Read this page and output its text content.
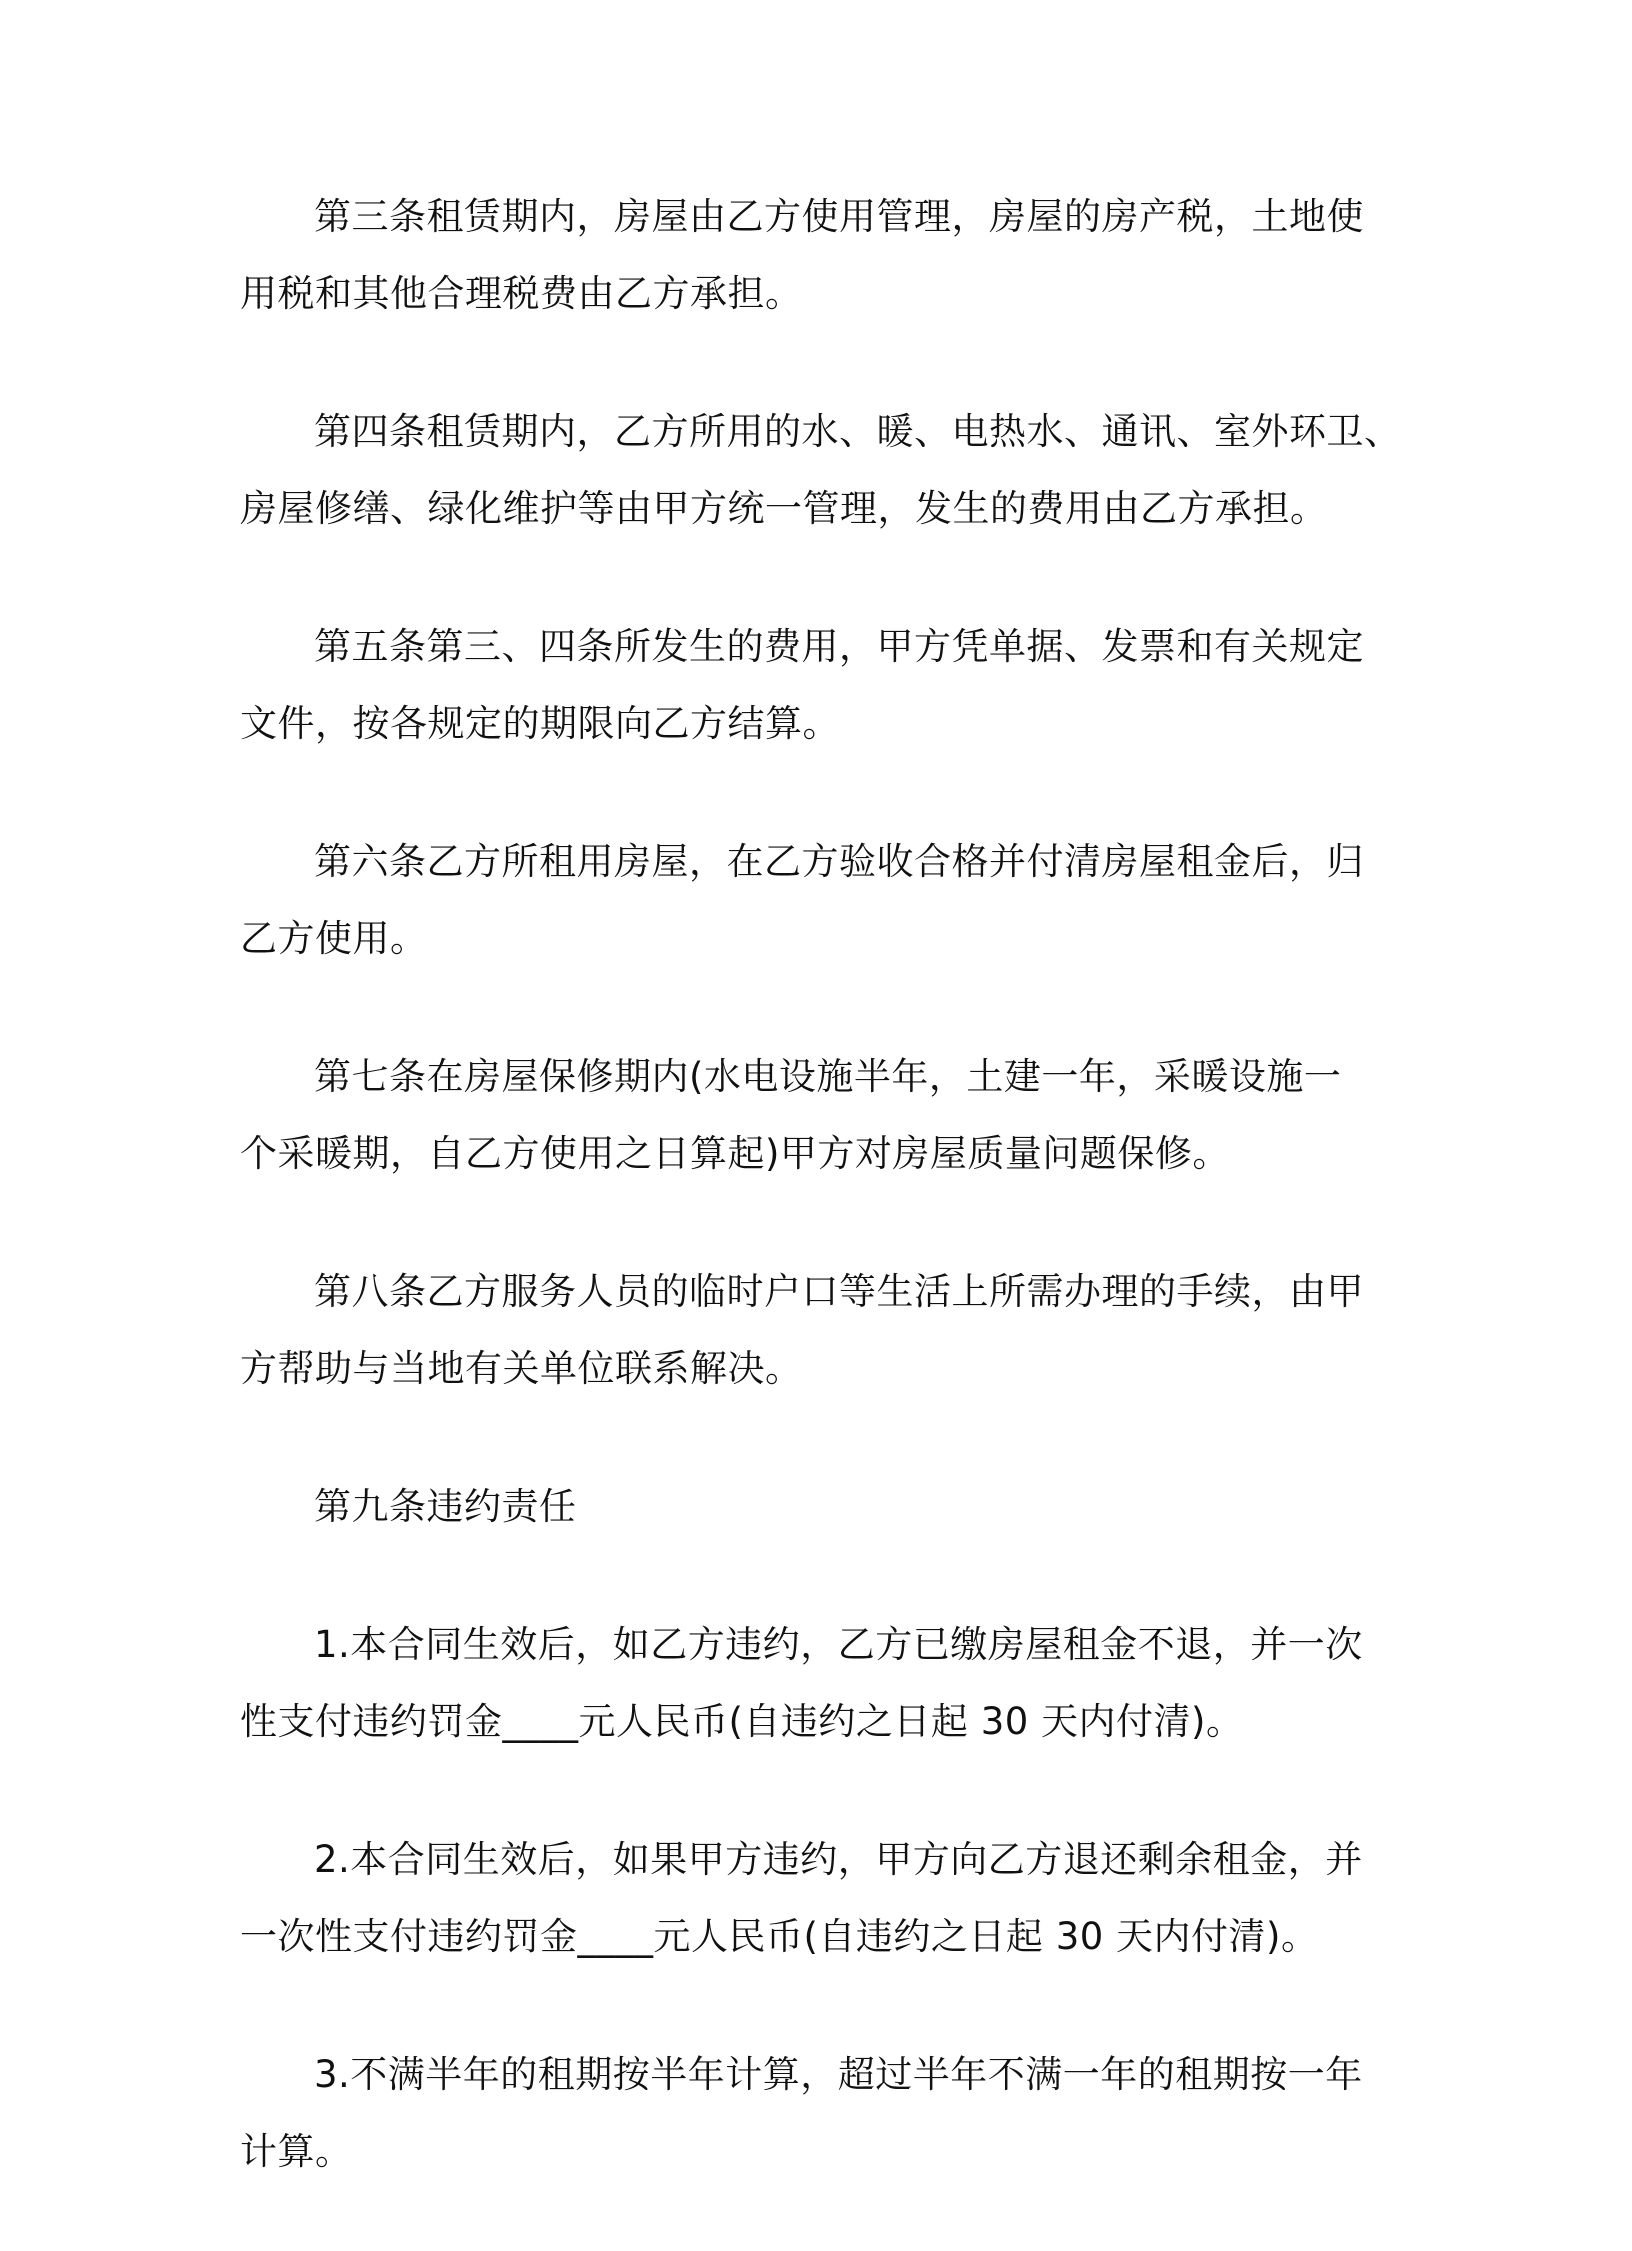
第三条租赁期内，房屋由乙方使用管理，房屋的房产税，土地使
用税和其他合理税费由乙方承担。

第四条租赁期内，乙方所用的水、暖、电热水、通讯、室外环卫、
房屋修缮、绿化维护等由甲方统一管理，发生的费用由乙方承担。

第五条第三、四条所发生的费用，甲方凭单据、发票和有关规定
文件，按各规定的期限向乙方结算。

第六条乙方所租用房屋，在乙方验收合格并付清房屋租金后，归
乙方使用。

第七条在房屋保修期内(水电设施半年，土建一年，采暖设施一
个采暖期，自乙方使用之日算起)甲方对房屋质量问题保修。

第八条乙方服务人员的临时户口等生活上所需办理的手续，由甲
方帮助与当地有关单位联系解决。

第九条违约责任

1.本合同生效后，如乙方违约，乙方已缴房屋租金不退，并一次
性支付违约罚金____元人民币(自违约之日起 30 天内付清)。

2.本合同生效后，如果甲方违约，甲方向乙方退还剩余租金，并
一次性支付违约罚金____元人民币(自违约之日起 30 天内付清)。

3.不满半年的租期按半年计算，超过半年不满一年的租期按一年
计算。
